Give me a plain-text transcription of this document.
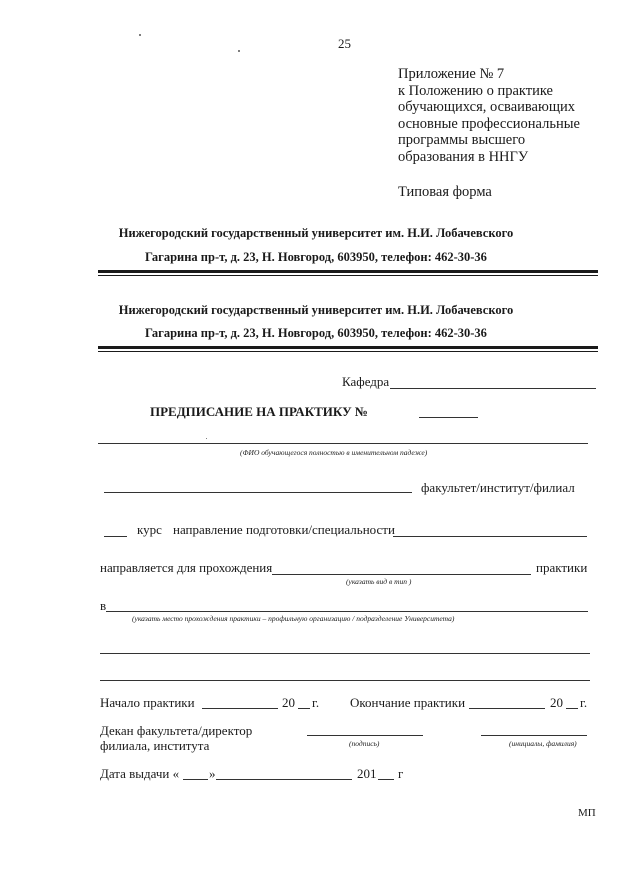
25
Приложение № 7
к Положению о практике
обучающихся, осваивающих
основные профессиональные
программы высшего
образования в ННГУ
Типовая форма
Нижегородский государственный университет им. Н.И. Лобачевского
Гагарина пр-т, д. 23, Н. Новгород, 603950, телефон: 462-30-36
Нижегородский государственный университет им. Н.И. Лобачевского
Гагарина пр-т, д. 23, Н. Новгород, 603950, телефон: 462-30-36
Кафедра
ПРЕДПИСАНИЕ НА ПРАКТИКУ №
(ФИО обучающегося полностью в именительном падеже)
факультет/институт/филиал
курс направление подготовки/специальности
направляется для прохождения	практики
(указать вид в тип )
в
(указать место прохождения практики – профильную организацию / подразделение Университета)
Начало практики	20 г. Окончание практики	20 г.
Декан факультета/директор
филиала, института	(подпись)	(инициалы, фамилия)
Дата выдачи « »	201 г
МП
